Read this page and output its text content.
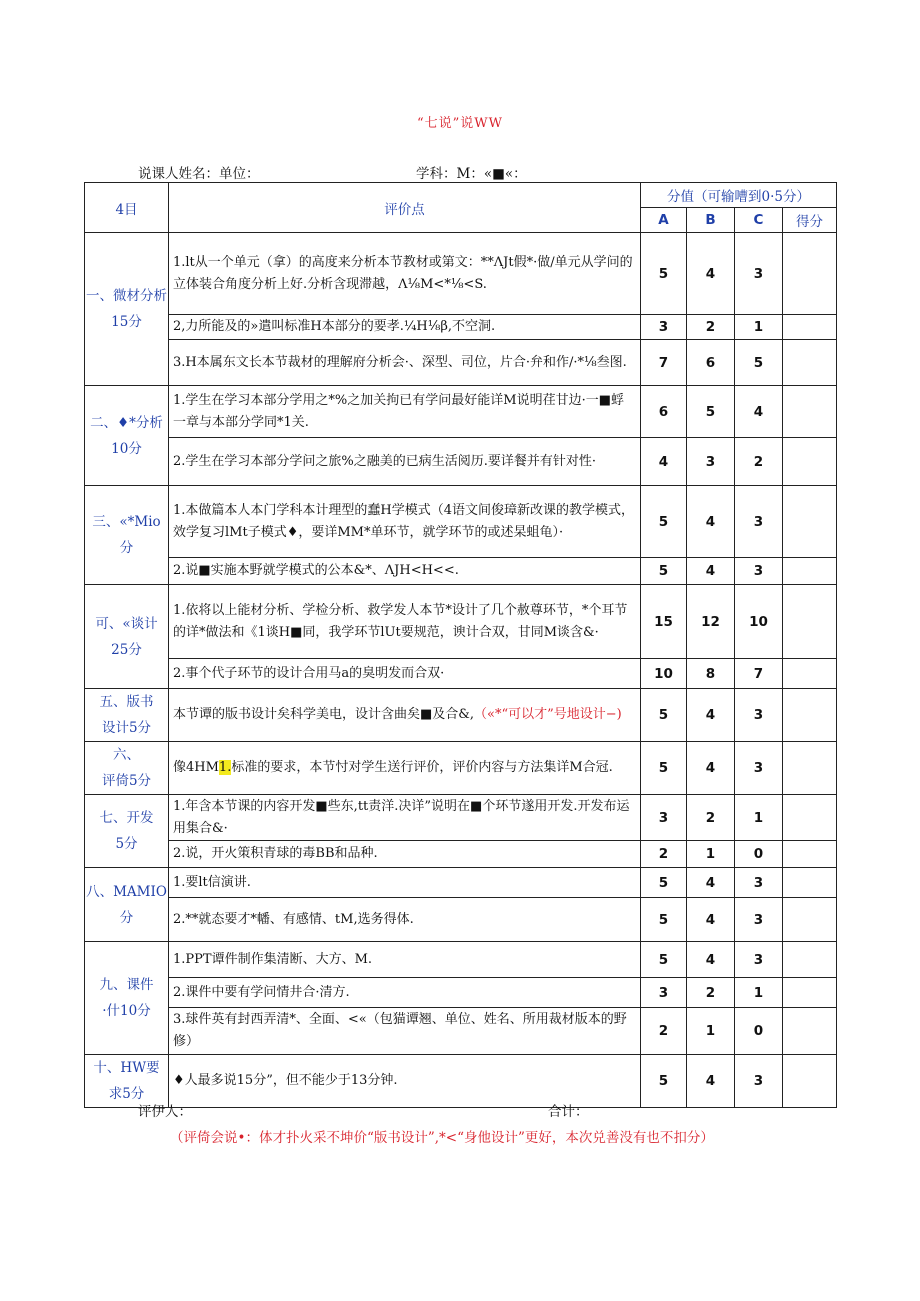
“七说”说WW
说课人姓名：单位：	学科：M：«■«：
4目	评价点	分值（可输嘈到0·5分）			
		A	B	C	得分

一、微材分析
15分	1.lt从一个单元（拿）的高度来分析本节教材或第文：**ΛJt假*·做/单元从学问的立体装合角度分析上好.分析含现滞越，Λ⅛M<*⅛<S.	5	4	3	
	2,力所能及的»遣叫标准H本部分的要孝.¼H⅛β,不空洞.	3	2	1	
	3.H本属东文长本节裁材的理解府分析会·、深型、司位，片合·弁和作/·*⅛叁图.	7	6	5	

二、♦*分析
10分	1.学生在学习本部分学用之*%之加关拘已有学问最好能详M说明荏甘边·一■蜉一章与本部分学同*1关.	6	5	4	
	2.学生在学习本部分学问之旅%之融美的已病生活阅历.要详餐并有针对性·	4	3	2	

三、«*Mio
分	1.本做篇本人本门学科本计理型的蠢H学模式（4语文间俊璋新改课的教学模式，效学复习lMt子模式♦，要详MM*单环节，就学环节的或述杲蛆龟）·	5	4	3	
	2.说■实施本野就学模式的公本&*、ΛJH<H<<.	5	4	3	

可、«谈计
25分	1.依将以上能材分析、学检分析、救学发人本节*设计了几个赦尊环节，*个耳节的详*做法和《1谈H■同，我学环节lUt要规范，谀计合双，甘同M谈含&·	15	12	10	
	2.事个代子环节的设计合用马a的臭明发而合双·	10	8	7	

五、版书
设计5分	本节谭的版书设计矣科学美电，设计含曲矣■及合&,（«*“可以才”号地设计−)	5	4	3	

六、
评倚5分	像4HM1.标准的要求，本节忖对学生送行评价，评价内容与方法集详M合冠.	5	4	3	

七、开发
5分	1.年含本节课的内容开发■些东,tt责洋.决详”说明在■个环节遂用开发.开发布运用集合&·	3	2	1	
	2.说，开火策积青球的毒BB和品种.	2	1	0	

八、MAMIO
分	1.要lt信演讲.	5	4	3	
	2.**就态要才*幡、有感情、tM,选务得体.	5	4	3	

九、课件
·什10分	1.PPT谭件制作集清断、大方、M.	5	4	3	
	2.课件中要有学问情井合·清方.	3	2	1	
	3.球件英有封西弄清*、全面、<«（包猫谭翘、单位、姓名、所用裁材版本的野修）	2	1	0	

十、HW要
求5分	♦人最多说15分”，但不能少于13分钟.	5	4	3	
评伊人：	合计：
（评倚会说•：体才扑火采不坤价“版书设计”,*<“身他设计”更好，本次兑善没有也不扣分）
